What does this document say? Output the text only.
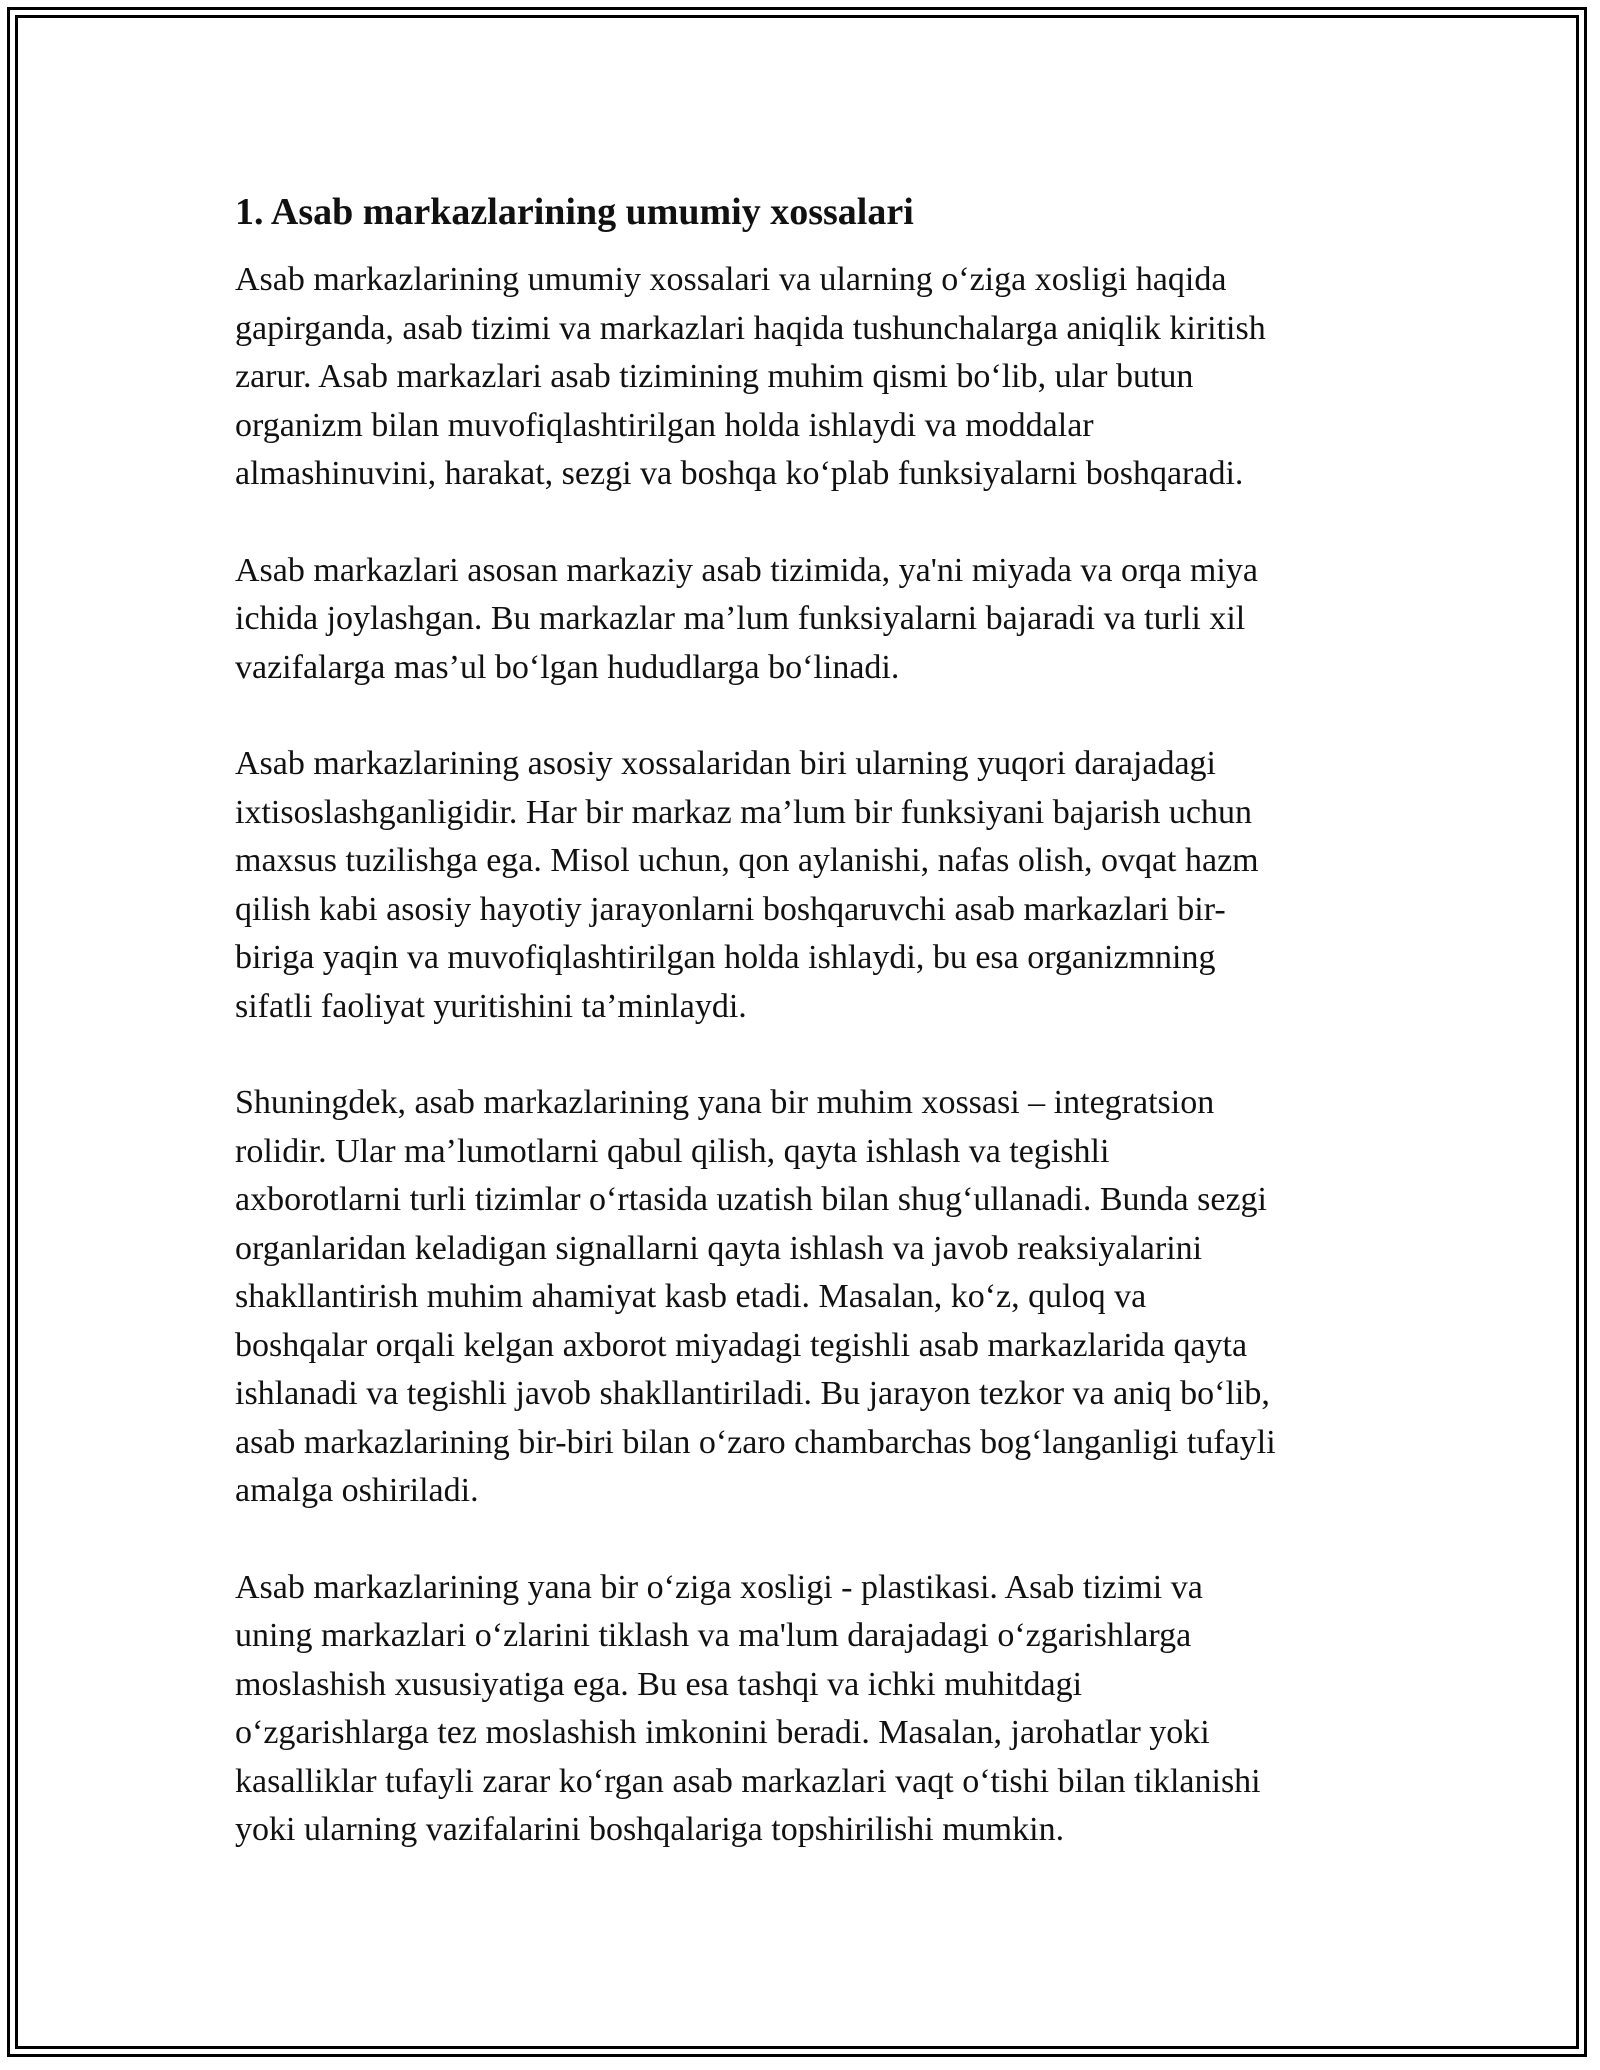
1. Asab markazlarining umumiy xossalari

Asab markazlarining umumiy xossalari va ularning o‘ziga xosligi haqida
gapirganda, asab tizimi va markazlari haqida tushunchalarga aniqlik kiritish
zarur. Asab markazlari asab tizimining muhim qismi bo‘lib, ular butun
organizm bilan muvofiqlashtirilgan holda ishlaydi va moddalar
almashinuvini, harakat, sezgi va boshqa ko‘plab funksiyalarni boshqaradi.

Asab markazlari asosan markaziy asab tizimida, ya'ni miyada va orqa miya
ichida joylashgan. Bu markazlar ma’lum funksiyalarni bajaradi va turli xil
vazifalarga mas’ul bo‘lgan hududlarga bo‘linadi.

Asab markazlarining asosiy xossalaridan biri ularning yuqori darajadagi
ixtisoslashganligidir. Har bir markaz ma’lum bir funksiyani bajarish uchun
maxsus tuzilishga ega. Misol uchun, qon aylanishi, nafas olish, ovqat hazm
qilish kabi asosiy hayotiy jarayonlarni boshqaruvchi asab markazlari bir-
biriga yaqin va muvofiqlashtirilgan holda ishlaydi, bu esa organizmning
sifatli faoliyat yuritishini ta’minlaydi.

Shuningdek, asab markazlarining yana bir muhim xossasi – integratsion
rolidir. Ular ma’lumotlarni qabul qilish, qayta ishlash va tegishli
axborotlarni turli tizimlar o‘rtasida uzatish bilan shug‘ullanadi. Bunda sezgi
organlaridan keladigan signallarni qayta ishlash va javob reaksiyalarini
shakllantirish muhim ahamiyat kasb etadi. Masalan, ko‘z, quloq va
boshqalar orqali kelgan axborot miyadagi tegishli asab markazlarida qayta
ishlanadi va tegishli javob shakllantiriladi. Bu jarayon tezkor va aniq bo‘lib,
asab markazlarining bir-biri bilan o‘zaro chambarchas bog‘langanligi tufayli
amalga oshiriladi.

Asab markazlarining yana bir o‘ziga xosligi - plastikasi. Asab tizimi va
uning markazlari o‘zlarini tiklash va ma'lum darajadagi o‘zgarishlarga
moslashish xususiyatiga ega. Bu esa tashqi va ichki muhitdagi
o‘zgarishlarga tez moslashish imkonini beradi. Masalan, jarohatlar yoki
kasalliklar tufayli zarar ko‘rgan asab markazlari vaqt o‘tishi bilan tiklanishi
yoki ularning vazifalarini boshqalariga topshirilishi mumkin.
